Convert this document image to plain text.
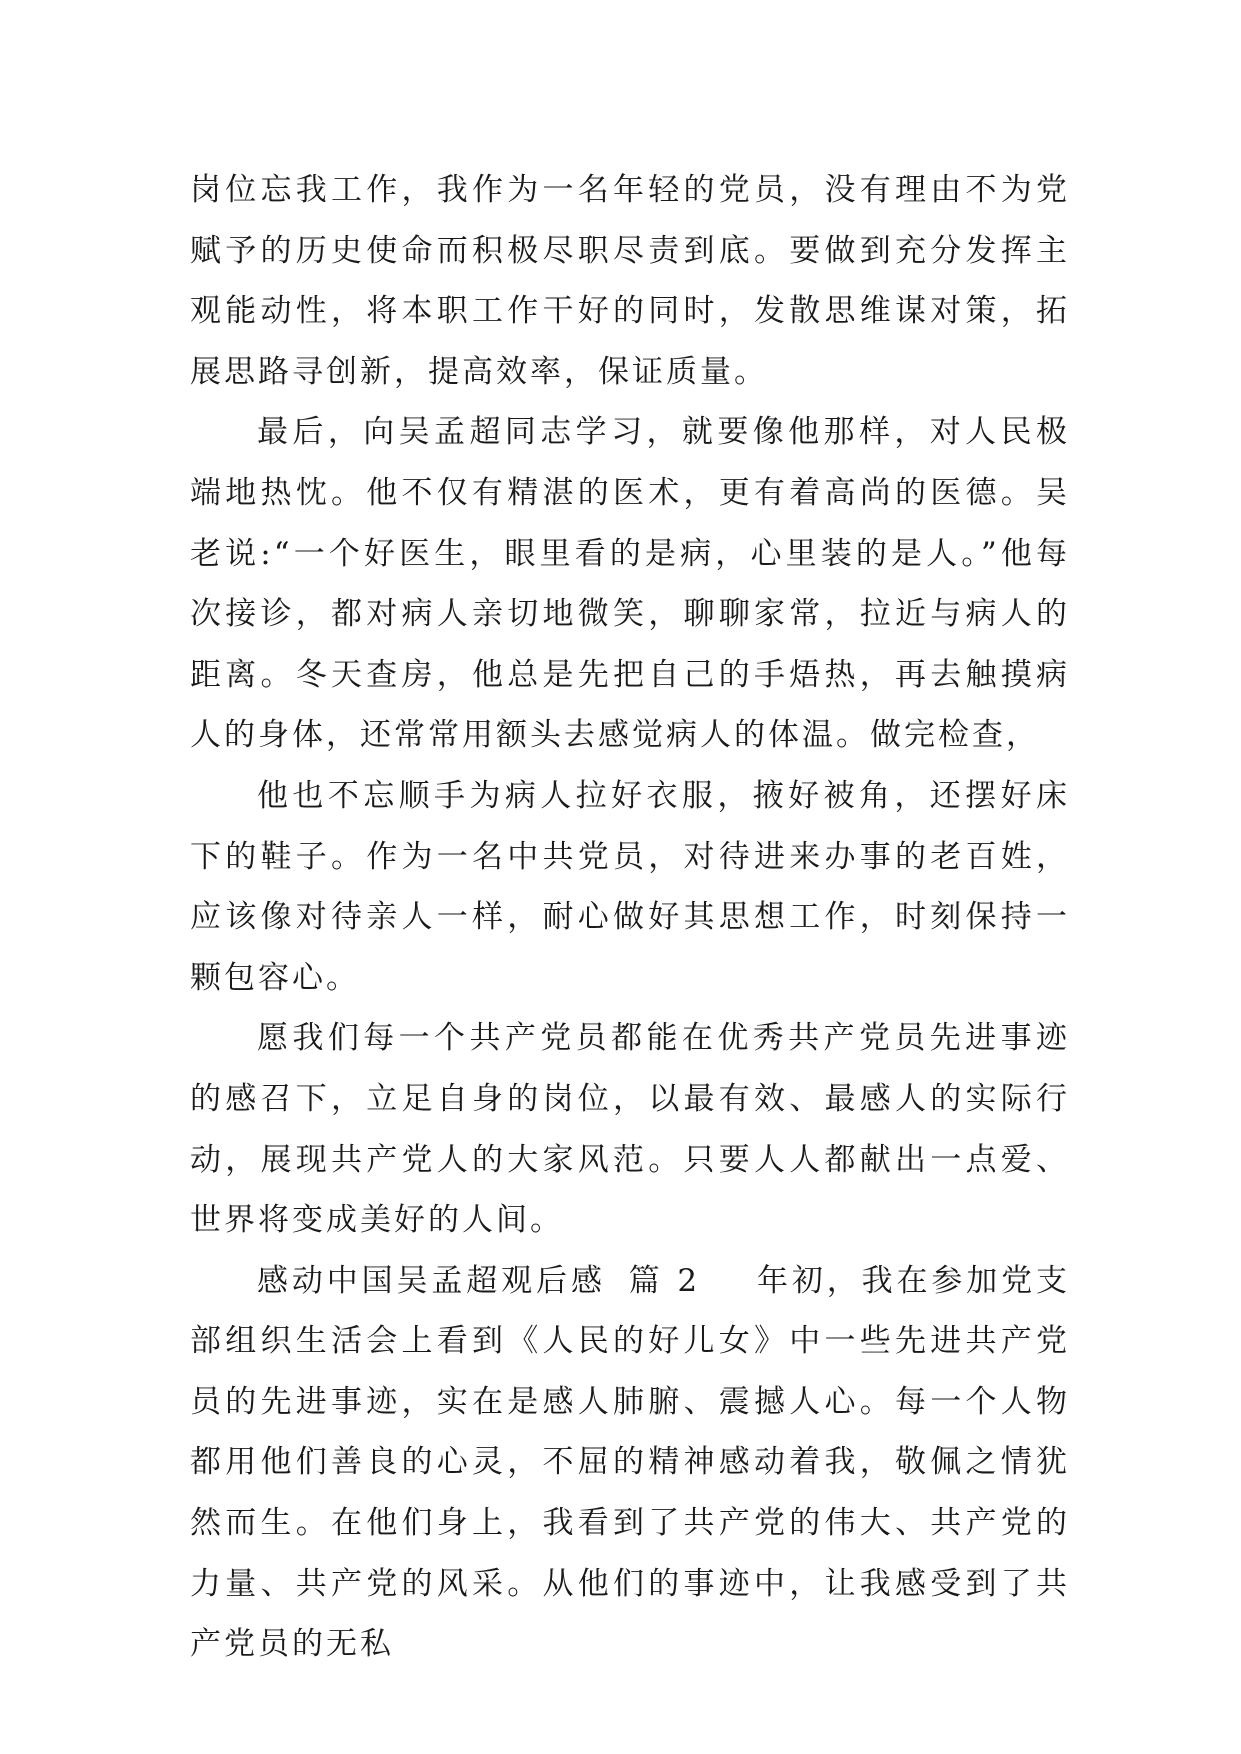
岗位忘我工作，我作为一名年轻的党员，没有理由不为党赋予的历史使命而积极尽职尽责到底。要做到充分发挥主观能动性，将本职工作干好的同时，发散思维谋对策，拓展思路寻创新，提高效率，保证质量。

最后，向吴孟超同志学习，就要像他那样，对人民极端地热忱。他不仅有精湛的医术，更有着高尚的医德。吴老说:“一个好医生，眼里看的是病，心里装的是人。”他每次接诊，都对病人亲切地微笑，聊聊家常，拉近与病人的距离。冬天查房，他总是先把自己的手焐热，再去触摸病人的身体，还常常用额头去感觉病人的体温。做完检查，

他也不忘顺手为病人拉好衣服，掖好被角，还摆好床下的鞋子。作为一名中共党员，对待进来办事的老百姓，应该像对待亲人一样，耐心做好其思想工作，时刻保持一颗包容心。

愿我们每一个共产党员都能在优秀共产党员先进事迹的感召下，立足自身的岗位，以最有效、最感人的实际行动，展现共产党人的大家风范。只要人人都献出一点爱、世界将变成美好的人间。

感动中国吴孟超观后感 篇 2 年初，我在参加党支部组织生活会上看到《人民的好儿女》中一些先进共产党员的先进事迹，实在是感人肺腑、震撼人心。每一个人物都用他们善良的心灵，不屈的精神感动着我，敬佩之情犹然而生。在他们身上，我看到了共产党的伟大、共产党的力量、共产党的风采。从他们的事迹中，让我感受到了共产党员的无私
